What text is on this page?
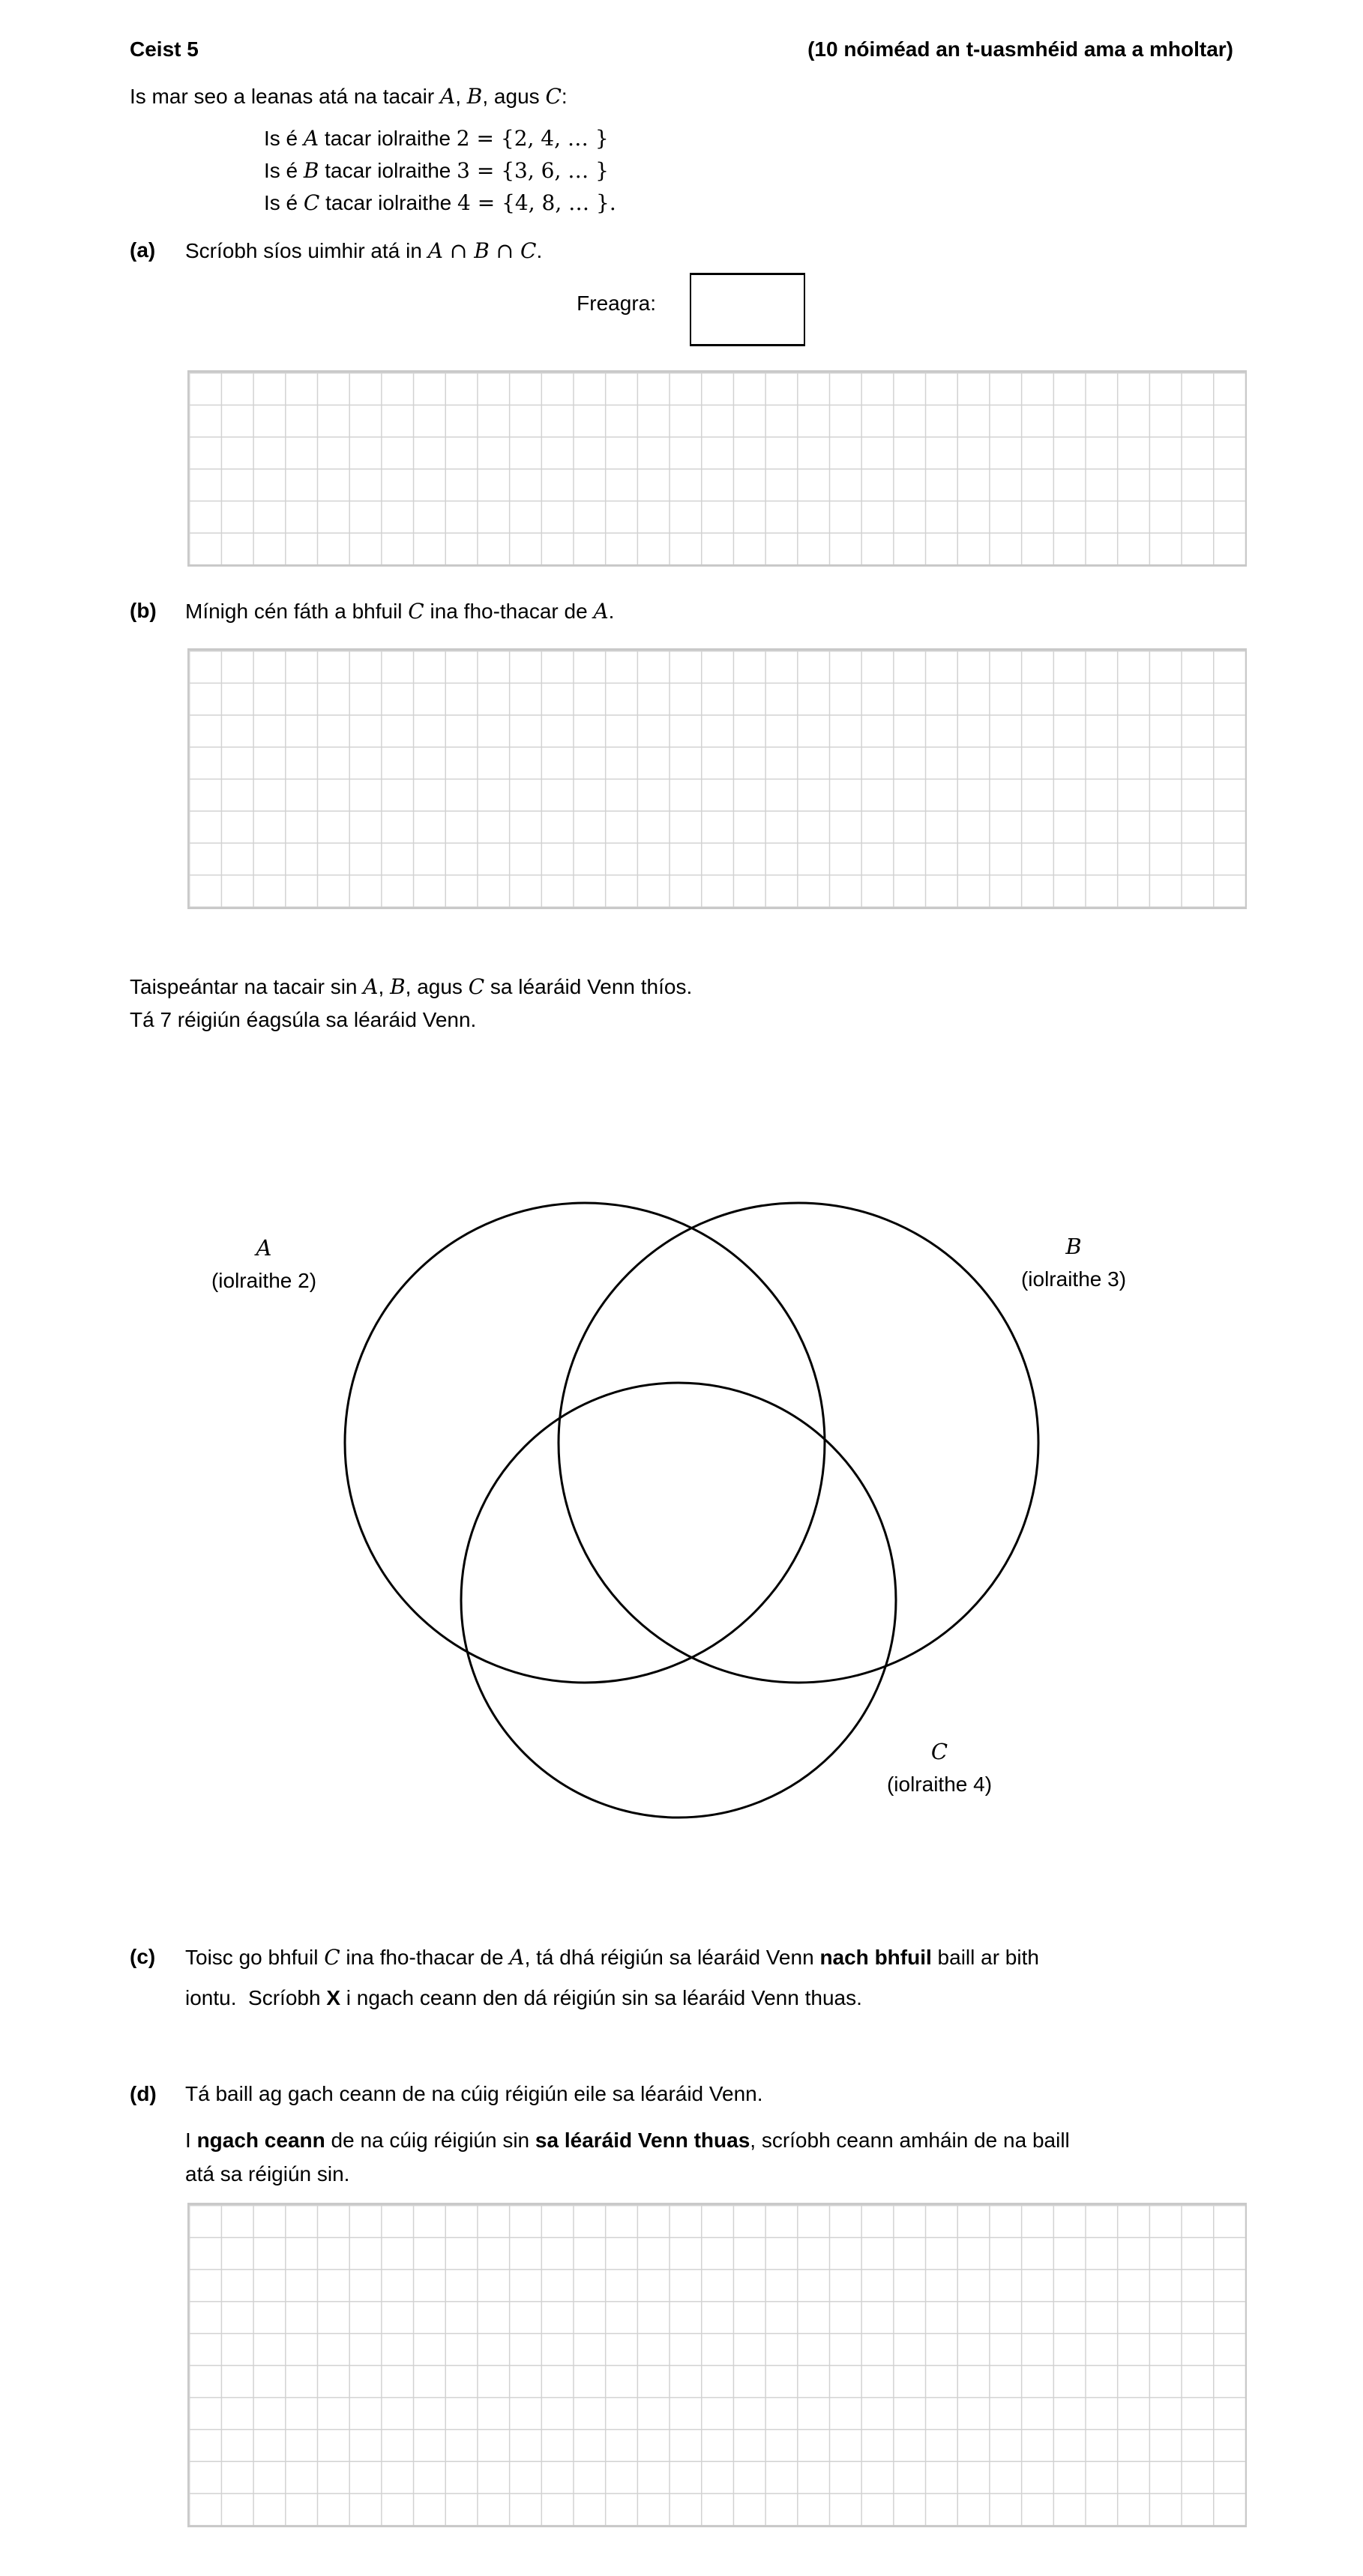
Ceist 5	(10 nóiméad an t-uasmhéid ama a mholtar)
Is mar seo a leanas atá na tacair A, B, agus C:
Is é A tacar iolraithe 2 = {2, 4, … }
Is é B tacar iolraithe 3 = {3, 6, … }
Is é C tacar iolraithe 4 = {4, 8, … }.
(a) Scríobh síos uimhir atá in A ∩ B ∩ C.
Freagra:
(b) Mínigh cén fáth a bhfuil C ina fho-thacar de A.
Taispeántar na tacair sin A, B, agus C sa léaráid Venn thíos.
Tá 7 réigiún éagsúla sa léaráid Venn.
A
(iolraithe 2)
B
(iolraithe 3)
C
(iolraithe 4)
(c) Toisc go bhfuil C ina fho-thacar de A, tá dhá réigiún sa léaráid Venn nach bhfuil baill ar bith
iontu.  Scríobh X i ngach ceann den dá réigiún sin sa léaráid Venn thuas.
(d) Tá baill ag gach ceann de na cúig réigiún eile sa léaráid Venn.
I ngach ceann de na cúig réigiún sin sa léaráid Venn thuas, scríobh ceann amháin de na baill
atá sa réigiún sin.
